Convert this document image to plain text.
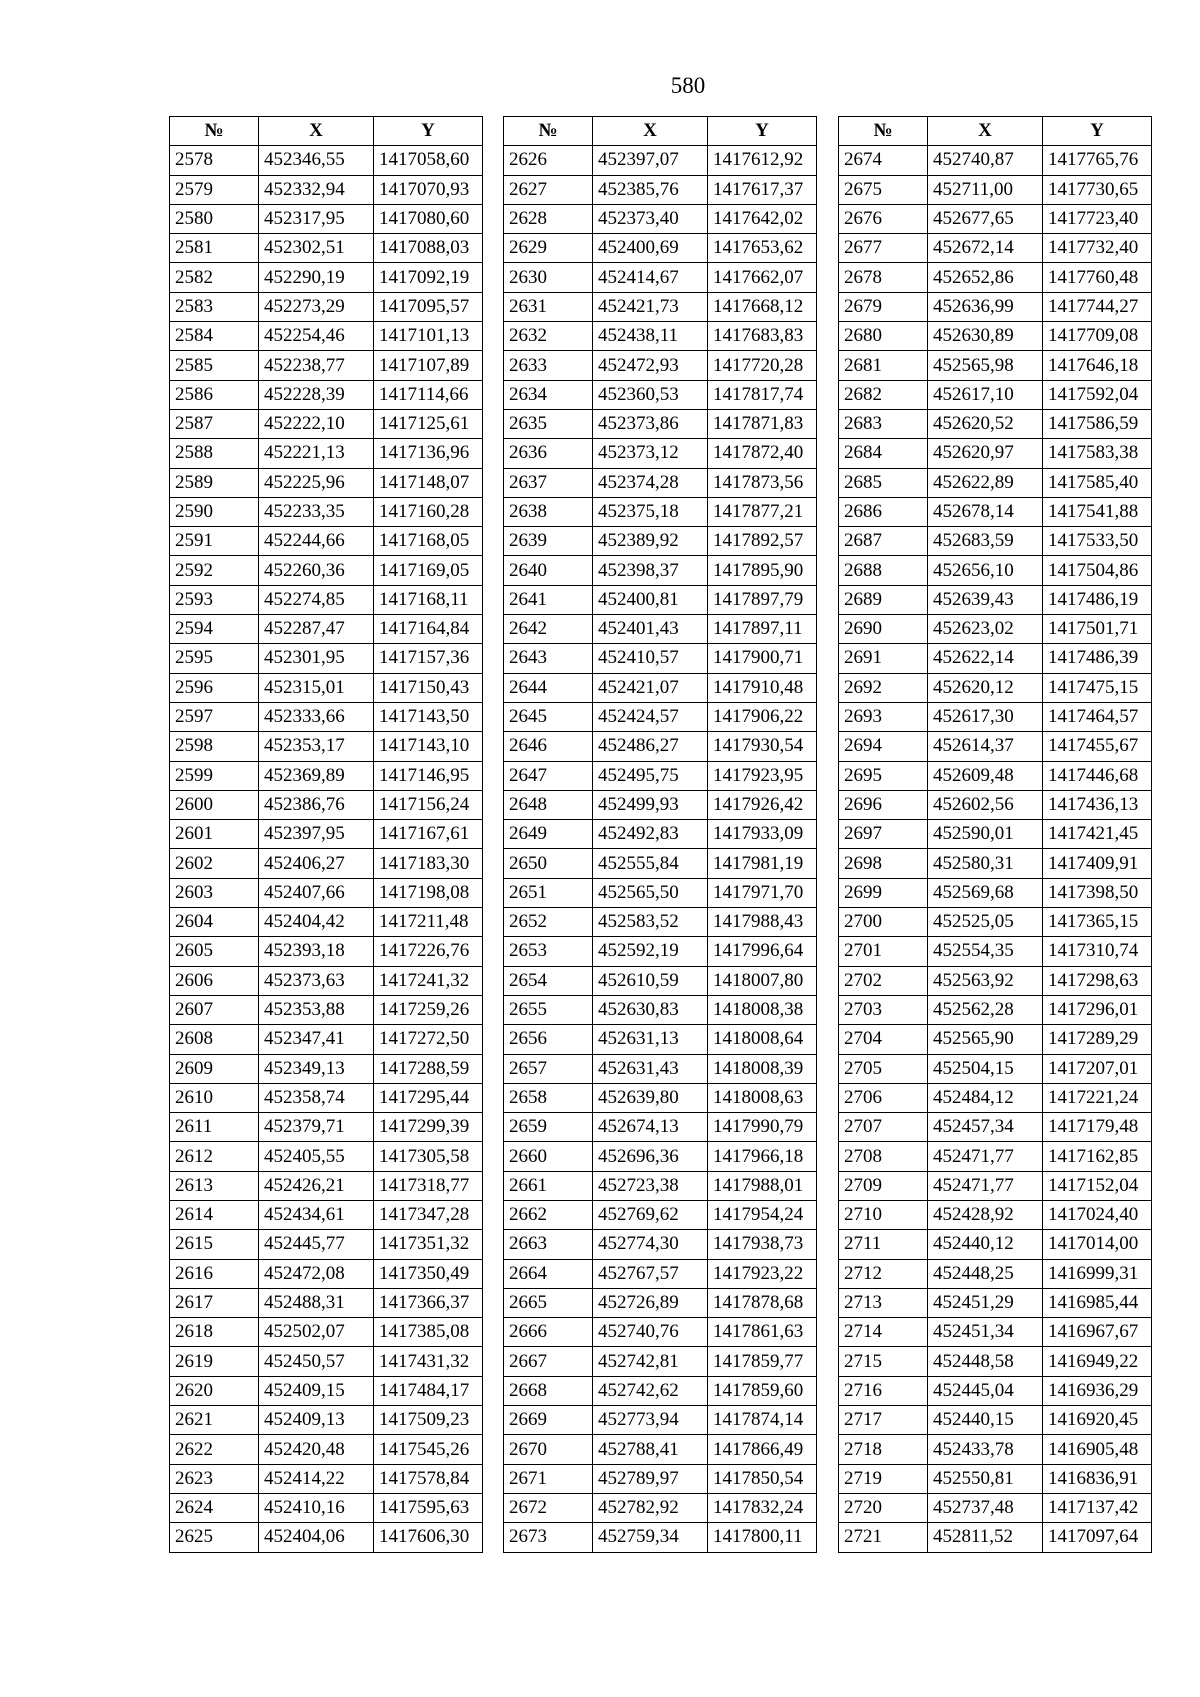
580
№	X	Y
2578	452346,55	1417058,60
2579	452332,94	1417070,93
2580	452317,95	1417080,60
2581	452302,51	1417088,03
2582	452290,19	1417092,19
2583	452273,29	1417095,57
2584	452254,46	1417101,13
2585	452238,77	1417107,89
2586	452228,39	1417114,66
2587	452222,10	1417125,61
2588	452221,13	1417136,96
2589	452225,96	1417148,07
2590	452233,35	1417160,28
2591	452244,66	1417168,05
2592	452260,36	1417169,05
2593	452274,85	1417168,11
2594	452287,47	1417164,84
2595	452301,95	1417157,36
2596	452315,01	1417150,43
2597	452333,66	1417143,50
2598	452353,17	1417143,10
2599	452369,89	1417146,95
2600	452386,76	1417156,24
2601	452397,95	1417167,61
2602	452406,27	1417183,30
2603	452407,66	1417198,08
2604	452404,42	1417211,48
2605	452393,18	1417226,76
2606	452373,63	1417241,32
2607	452353,88	1417259,26
2608	452347,41	1417272,50
2609	452349,13	1417288,59
2610	452358,74	1417295,44
2611	452379,71	1417299,39
2612	452405,55	1417305,58
2613	452426,21	1417318,77
2614	452434,61	1417347,28
2615	452445,77	1417351,32
2616	452472,08	1417350,49
2617	452488,31	1417366,37
2618	452502,07	1417385,08
2619	452450,57	1417431,32
2620	452409,15	1417484,17
2621	452409,13	1417509,23
2622	452420,48	1417545,26
2623	452414,22	1417578,84
2624	452410,16	1417595,63
2625	452404,06	1417606,30
№	X	Y
2626	452397,07	1417612,92
2627	452385,76	1417617,37
2628	452373,40	1417642,02
2629	452400,69	1417653,62
2630	452414,67	1417662,07
2631	452421,73	1417668,12
2632	452438,11	1417683,83
2633	452472,93	1417720,28
2634	452360,53	1417817,74
2635	452373,86	1417871,83
2636	452373,12	1417872,40
2637	452374,28	1417873,56
2638	452375,18	1417877,21
2639	452389,92	1417892,57
2640	452398,37	1417895,90
2641	452400,81	1417897,79
2642	452401,43	1417897,11
2643	452410,57	1417900,71
2644	452421,07	1417910,48
2645	452424,57	1417906,22
2646	452486,27	1417930,54
2647	452495,75	1417923,95
2648	452499,93	1417926,42
2649	452492,83	1417933,09
2650	452555,84	1417981,19
2651	452565,50	1417971,70
2652	452583,52	1417988,43
2653	452592,19	1417996,64
2654	452610,59	1418007,80
2655	452630,83	1418008,38
2656	452631,13	1418008,64
2657	452631,43	1418008,39
2658	452639,80	1418008,63
2659	452674,13	1417990,79
2660	452696,36	1417966,18
2661	452723,38	1417988,01
2662	452769,62	1417954,24
2663	452774,30	1417938,73
2664	452767,57	1417923,22
2665	452726,89	1417878,68
2666	452740,76	1417861,63
2667	452742,81	1417859,77
2668	452742,62	1417859,60
2669	452773,94	1417874,14
2670	452788,41	1417866,49
2671	452789,97	1417850,54
2672	452782,92	1417832,24
2673	452759,34	1417800,11
№	X	Y
2674	452740,87	1417765,76
2675	452711,00	1417730,65
2676	452677,65	1417723,40
2677	452672,14	1417732,40
2678	452652,86	1417760,48
2679	452636,99	1417744,27
2680	452630,89	1417709,08
2681	452565,98	1417646,18
2682	452617,10	1417592,04
2683	452620,52	1417586,59
2684	452620,97	1417583,38
2685	452622,89	1417585,40
2686	452678,14	1417541,88
2687	452683,59	1417533,50
2688	452656,10	1417504,86
2689	452639,43	1417486,19
2690	452623,02	1417501,71
2691	452622,14	1417486,39
2692	452620,12	1417475,15
2693	452617,30	1417464,57
2694	452614,37	1417455,67
2695	452609,48	1417446,68
2696	452602,56	1417436,13
2697	452590,01	1417421,45
2698	452580,31	1417409,91
2699	452569,68	1417398,50
2700	452525,05	1417365,15
2701	452554,35	1417310,74
2702	452563,92	1417298,63
2703	452562,28	1417296,01
2704	452565,90	1417289,29
2705	452504,15	1417207,01
2706	452484,12	1417221,24
2707	452457,34	1417179,48
2708	452471,77	1417162,85
2709	452471,77	1417152,04
2710	452428,92	1417024,40
2711	452440,12	1417014,00
2712	452448,25	1416999,31
2713	452451,29	1416985,44
2714	452451,34	1416967,67
2715	452448,58	1416949,22
2716	452445,04	1416936,29
2717	452440,15	1416920,45
2718	452433,78	1416905,48
2719	452550,81	1416836,91
2720	452737,48	1417137,42
2721	452811,52	1417097,64
